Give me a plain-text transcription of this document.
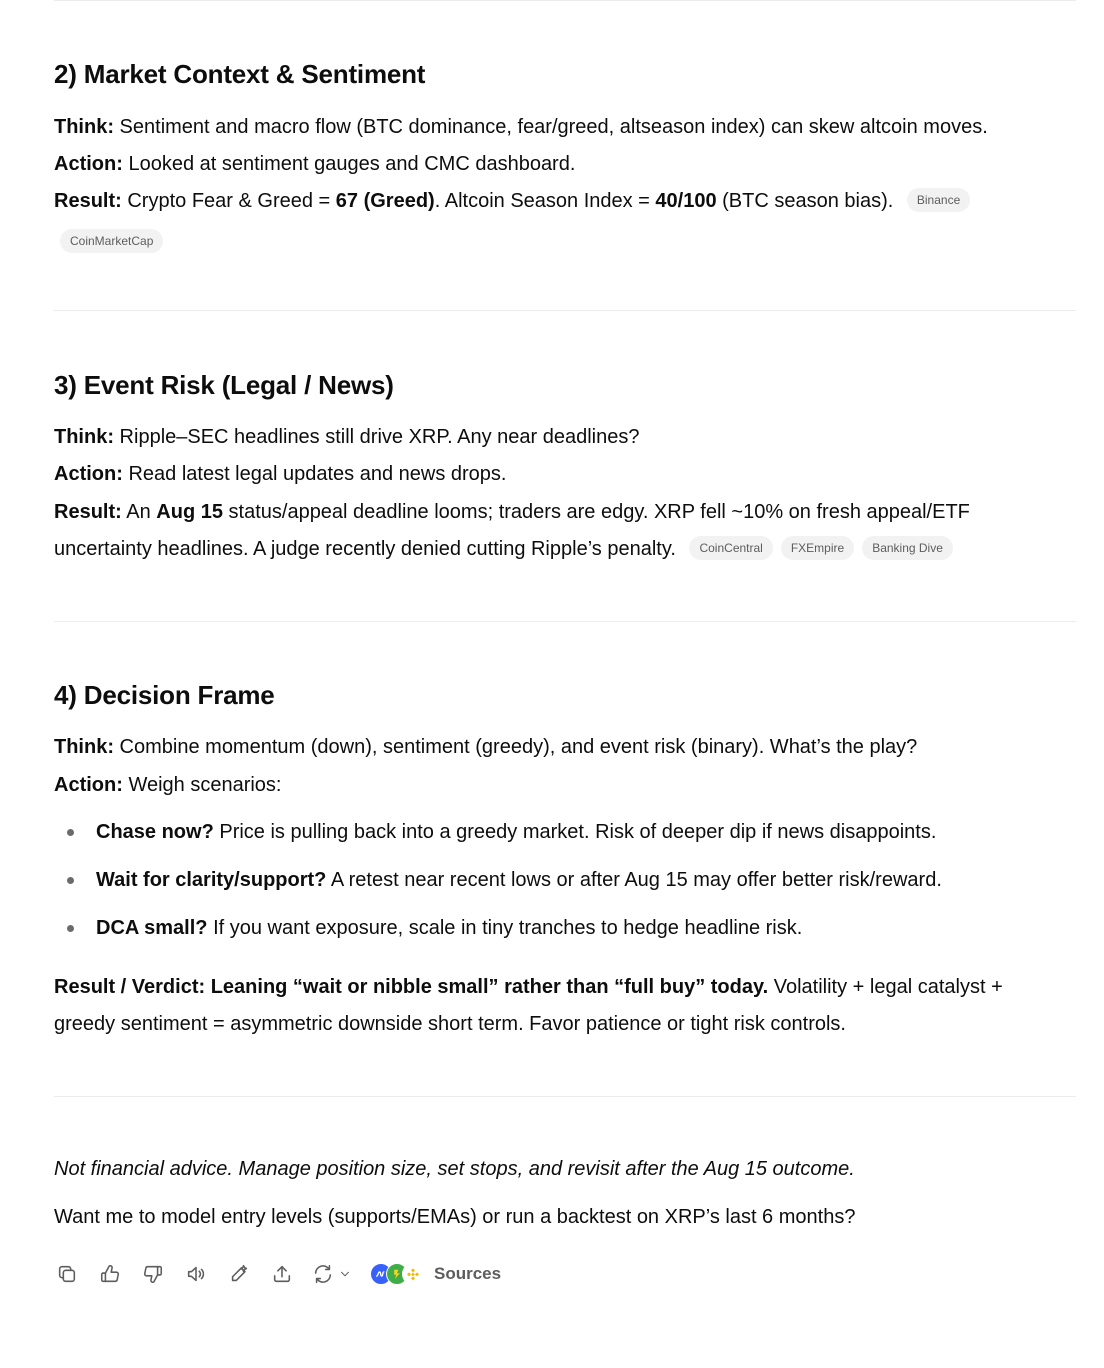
2) Market Context & Sentiment
Think: Sentiment and macro flow (BTC dominance, fear/greed, altseason index) can skew altcoin moves.
Action: Looked at sentiment gauges and CMC dashboard.
Result: Crypto Fear & Greed = 67 (Greed). Altcoin Season Index = 40/100 (BTC season bias). Binance
CoinMarketCap
3) Event Risk (Legal / News)
Think: Ripple–SEC headlines still drive XRP. Any near deadlines?
Action: Read latest legal updates and news drops.
Result: An Aug 15 status/appeal deadline looms; traders are edgy. XRP fell ~10% on fresh appeal/ETF
uncertainty headlines. A judge recently denied cutting Ripple’s penalty. CoinCentral FXEmpire Banking Dive
4) Decision Frame
Think: Combine momentum (down), sentiment (greedy), and event risk (binary). What’s the play?
Action: Weigh scenarios:
Chase now? Price is pulling back into a greedy market. Risk of deeper dip if news disappoints.
Wait for clarity/support? A retest near recent lows or after Aug 15 may offer better risk/reward.
DCA small? If you want exposure, scale in tiny tranches to hedge headline risk.
Result / Verdict: Leaning “wait or nibble small” rather than “full buy” today. Volatility + legal catalyst +
greedy sentiment = asymmetric downside short term. Favor patience or tight risk controls.
Not financial advice. Manage position size, set stops, and revisit after the Aug 15 outcome.
Want me to model entry levels (supports/EMAs) or run a backtest on XRP’s last 6 months?
Sources
